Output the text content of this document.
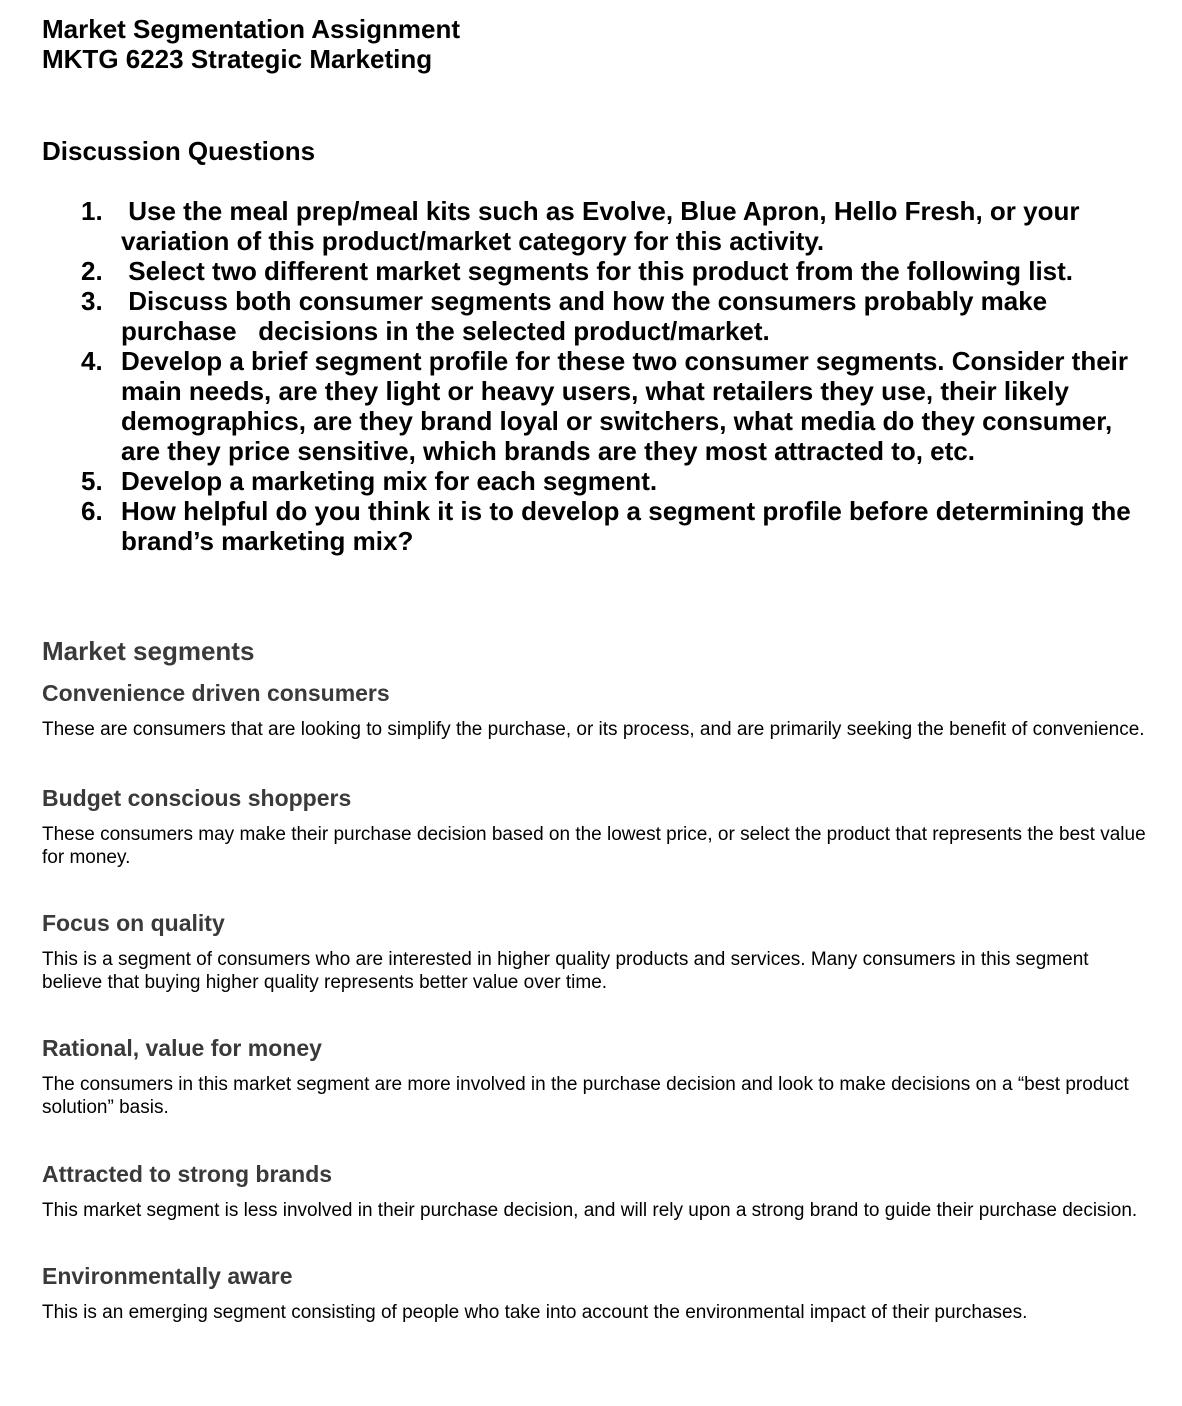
Market Segmentation Assignment
MKTG 6223 Strategic Marketing
Discussion Questions
1. Use the meal prep/meal kits such as Evolve, Blue Apron, Hello Fresh, or your variation of this product/market category for this activity.
2. Select two different market segments for this product from the following list.
3. Discuss both consumer segments and how the consumers probably make purchase   decisions in the selected product/market.
4. Develop a brief segment profile for these two consumer segments. Consider their main needs, are they light or heavy users, what retailers they use, their likely demographics, are they brand loyal or switchers, what media do they consumer, are they price sensitive, which brands are they most attracted to, etc.
5. Develop a marketing mix for each segment.
6. How helpful do you think it is to develop a segment profile before determining the brand’s marketing mix?
Market segments
Convenience driven consumers
These are consumers that are looking to simplify the purchase, or its process, and are primarily seeking the benefit of convenience.
Budget conscious shoppers
These consumers may make their purchase decision based on the lowest price, or select the product that represents the best value for money.
Focus on quality
This is a segment of consumers who are interested in higher quality products and services. Many consumers in this segment believe that buying higher quality represents better value over time.
Rational, value for money
The consumers in this market segment are more involved in the purchase decision and look to make decisions on a “best product solution” basis.
Attracted to strong brands
This market segment is less involved in their purchase decision, and will rely upon a strong brand to guide their purchase decision.
Environmentally aware
This is an emerging segment consisting of people who take into account the environmental impact of their purchases.
